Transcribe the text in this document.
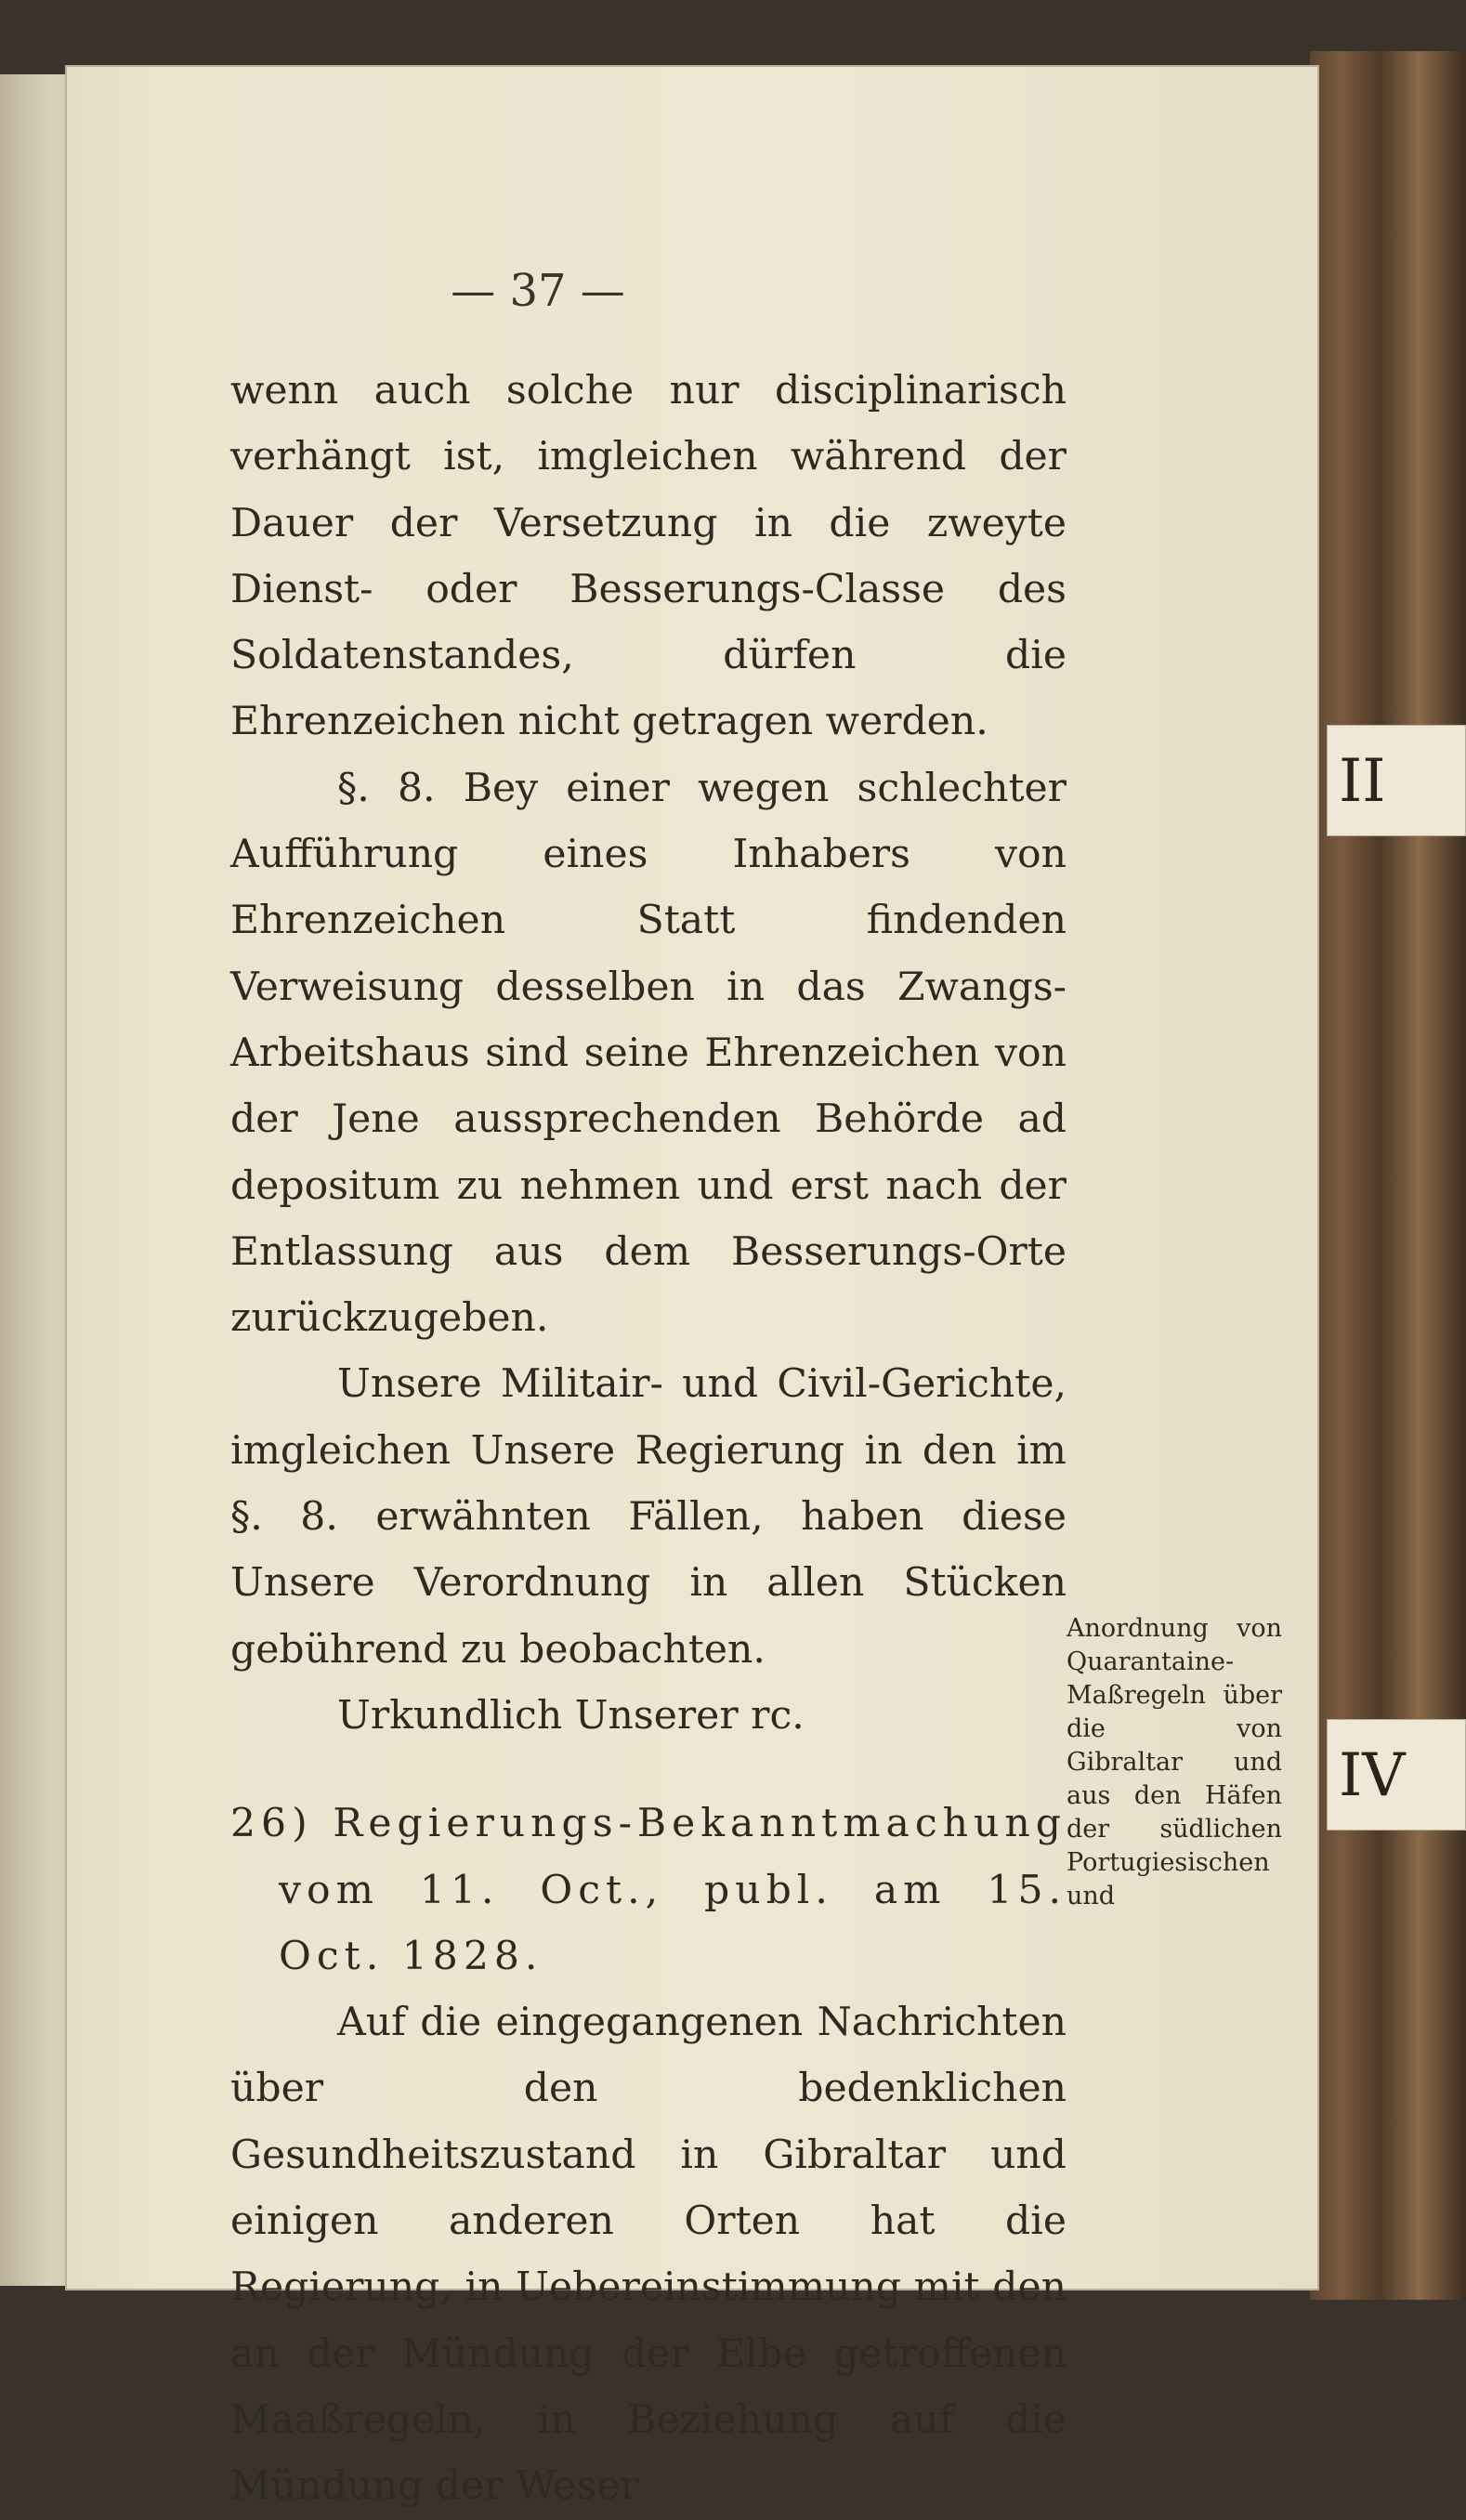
II
IV
— 37 —

wenn auch solche nur disciplinarisch verhängt ist, imgleichen während der Dauer der Versetzung in die zweyte Dienst- oder Besserungs-Classe des Soldatenstandes, dürfen die Ehrenzeichen nicht getragen werden.

§. 8. Bey einer wegen schlechter Aufführung eines Inhabers von Ehrenzeichen Statt findenden Verweisung desselben in das Zwangs-Arbeitshaus sind seine Ehrenzeichen von der Jene aussprechenden Behörde ad depositum zu nehmen und erst nach der Entlassung aus dem Besserungs-Orte zurückzugeben.

Unsere Militair- und Civil-Gerichte, imgleichen Unsere Regierung in den im §. 8. erwähnten Fällen, haben diese Unsere Verordnung in allen Stücken gebührend zu beobachten.

Urkundlich Unserer rc.

26) Regierungs-Bekanntmachung vom 11. Oct., publ. am 15. Oct. 1828.

Auf die eingegangenen Nachrichten über den bedenklichen Gesundheitszustand in Gibraltar und einigen anderen Orten hat die Regierung, in Uebereinstimmung mit den an der Mündung der Elbe getroffenen Maaßregeln, in Beziehung auf die Mündung der Weser

Anordnung von Quarantaine-Maßregeln über die von Gibraltar und aus den Häfen der südlichen Portugiesischen und
